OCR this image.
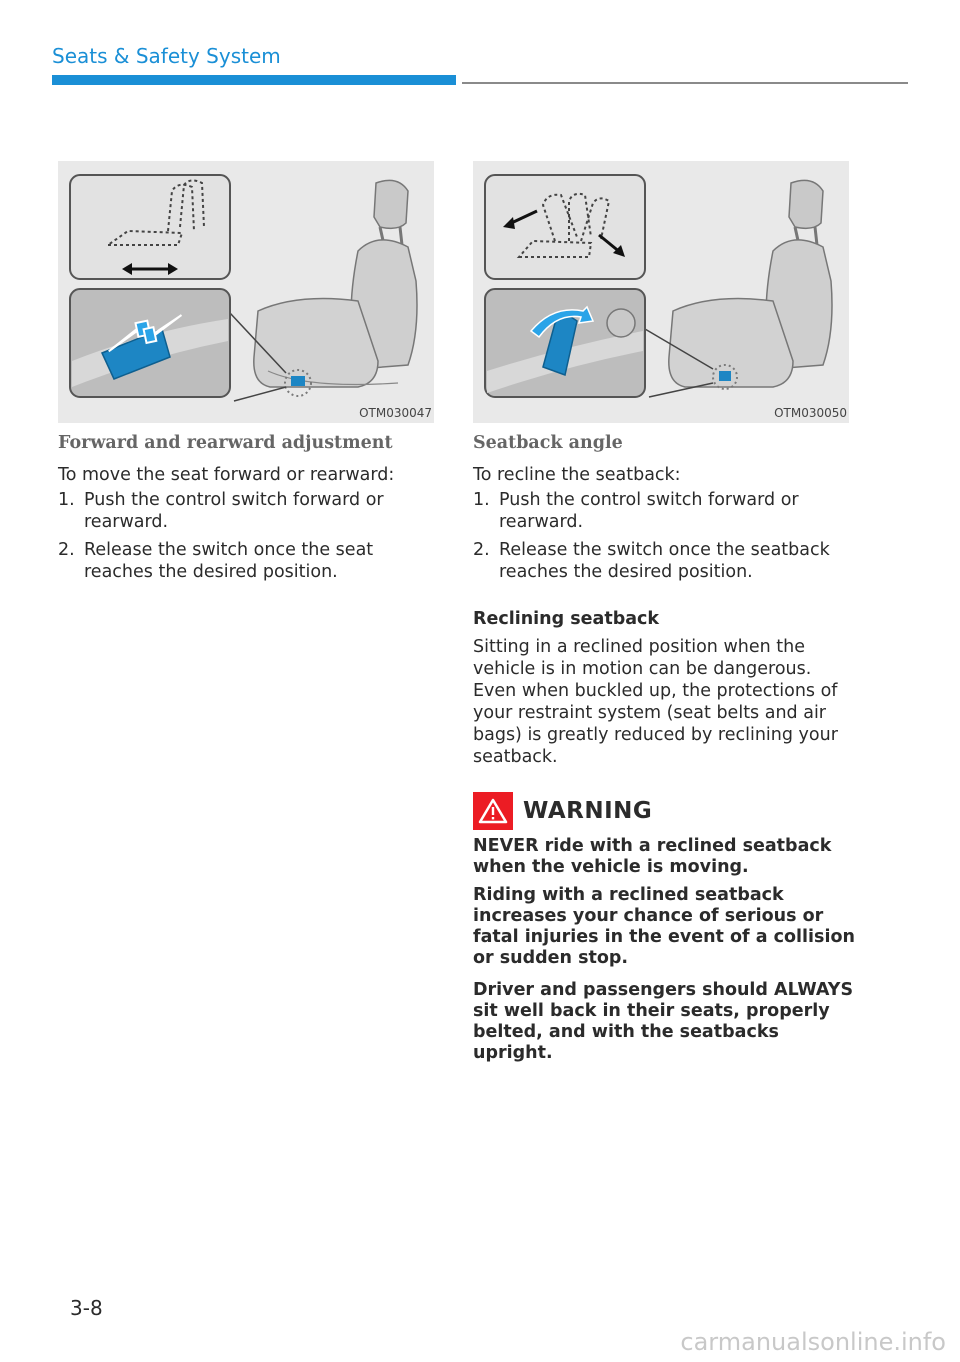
Seats & Safety System
OTM030047	OTM030050
Forward and rearward adjustment
To move the seat forward or rearward:
1. Push the control switch forward or rearward.
2. Release the switch once the seat reaches the desired position.
Seatback angle
To recline the seatback:
1. Push the control switch forward or rearward.
2. Release the switch once the seatback reaches the desired position.
Reclining seatback
Sitting in a reclined position when the vehicle is in motion can be dangerous. Even when buckled up, the protections of your restraint system (seat belts and air bags) is greatly reduced by reclining your seatback.
WARNING
NEVER ride with a reclined seatback when the vehicle is moving.
Riding with a reclined seatback increases your chance of serious or fatal injuries in the event of a collision or sudden stop.
Driver and passengers should ALWAYS sit well back in their seats, properly belted, and with the seatbacks upright.
3-8
carmanualsonline.info
